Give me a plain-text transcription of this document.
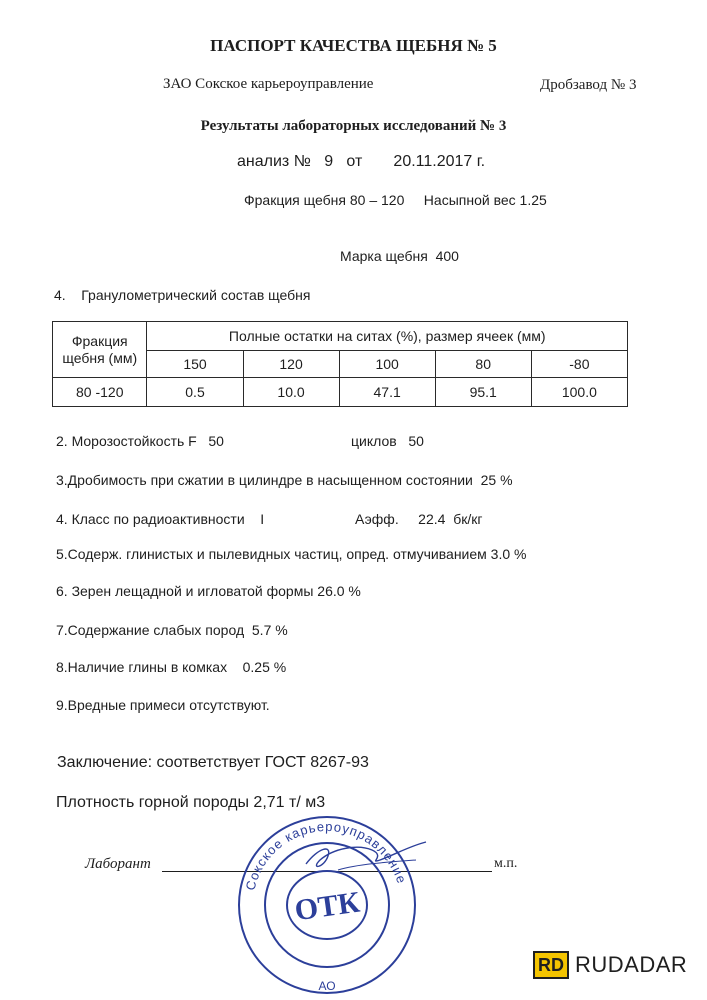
ПАСПОРТ КАЧЕСТВА ЩЕБНЯ № 5
ЗАО Сокское карьероуправление	Дробзавод № 3
Результаты лабораторных исследований № 3
анализ №   9   от       20.11.2017 г.
Фракция щебня 80 – 120     Насыпной вес 1.25
Марка щебня  400
4.    Гранулометрический состав щебня
Фракция щебня (мм)	Полные остатки на ситах (%), размер ячеек (мм)				
	150	120	100	80	-80
80 -120	0.5	10.0	47.1	95.1	100.0
2. Морозостойкость F   50	циклов   50
3.Дробимость при сжатии в цилиндре в насыщенном состоянии  25 %
4. Класс по радиоактивности    I	Аэфф.     22.4  бк/кг
5.Содерж. глинистых и пылевидных частиц, опред. отмучиванием 3.0 %
6. Зерен лещадной и игловатой формы 26.0 %
7.Содержание слабых пород  5.7 %
8.Наличие глины в комках    0.25 %
9.Вредные примеси отсутствуют.
Заключение: соответствует ГОСТ 8267-93
Плотность горной породы 2,71 т/ м3
Лаборант	м.п.
Сокское карьероуправление
ОТК
АО
RD RUDADAR
